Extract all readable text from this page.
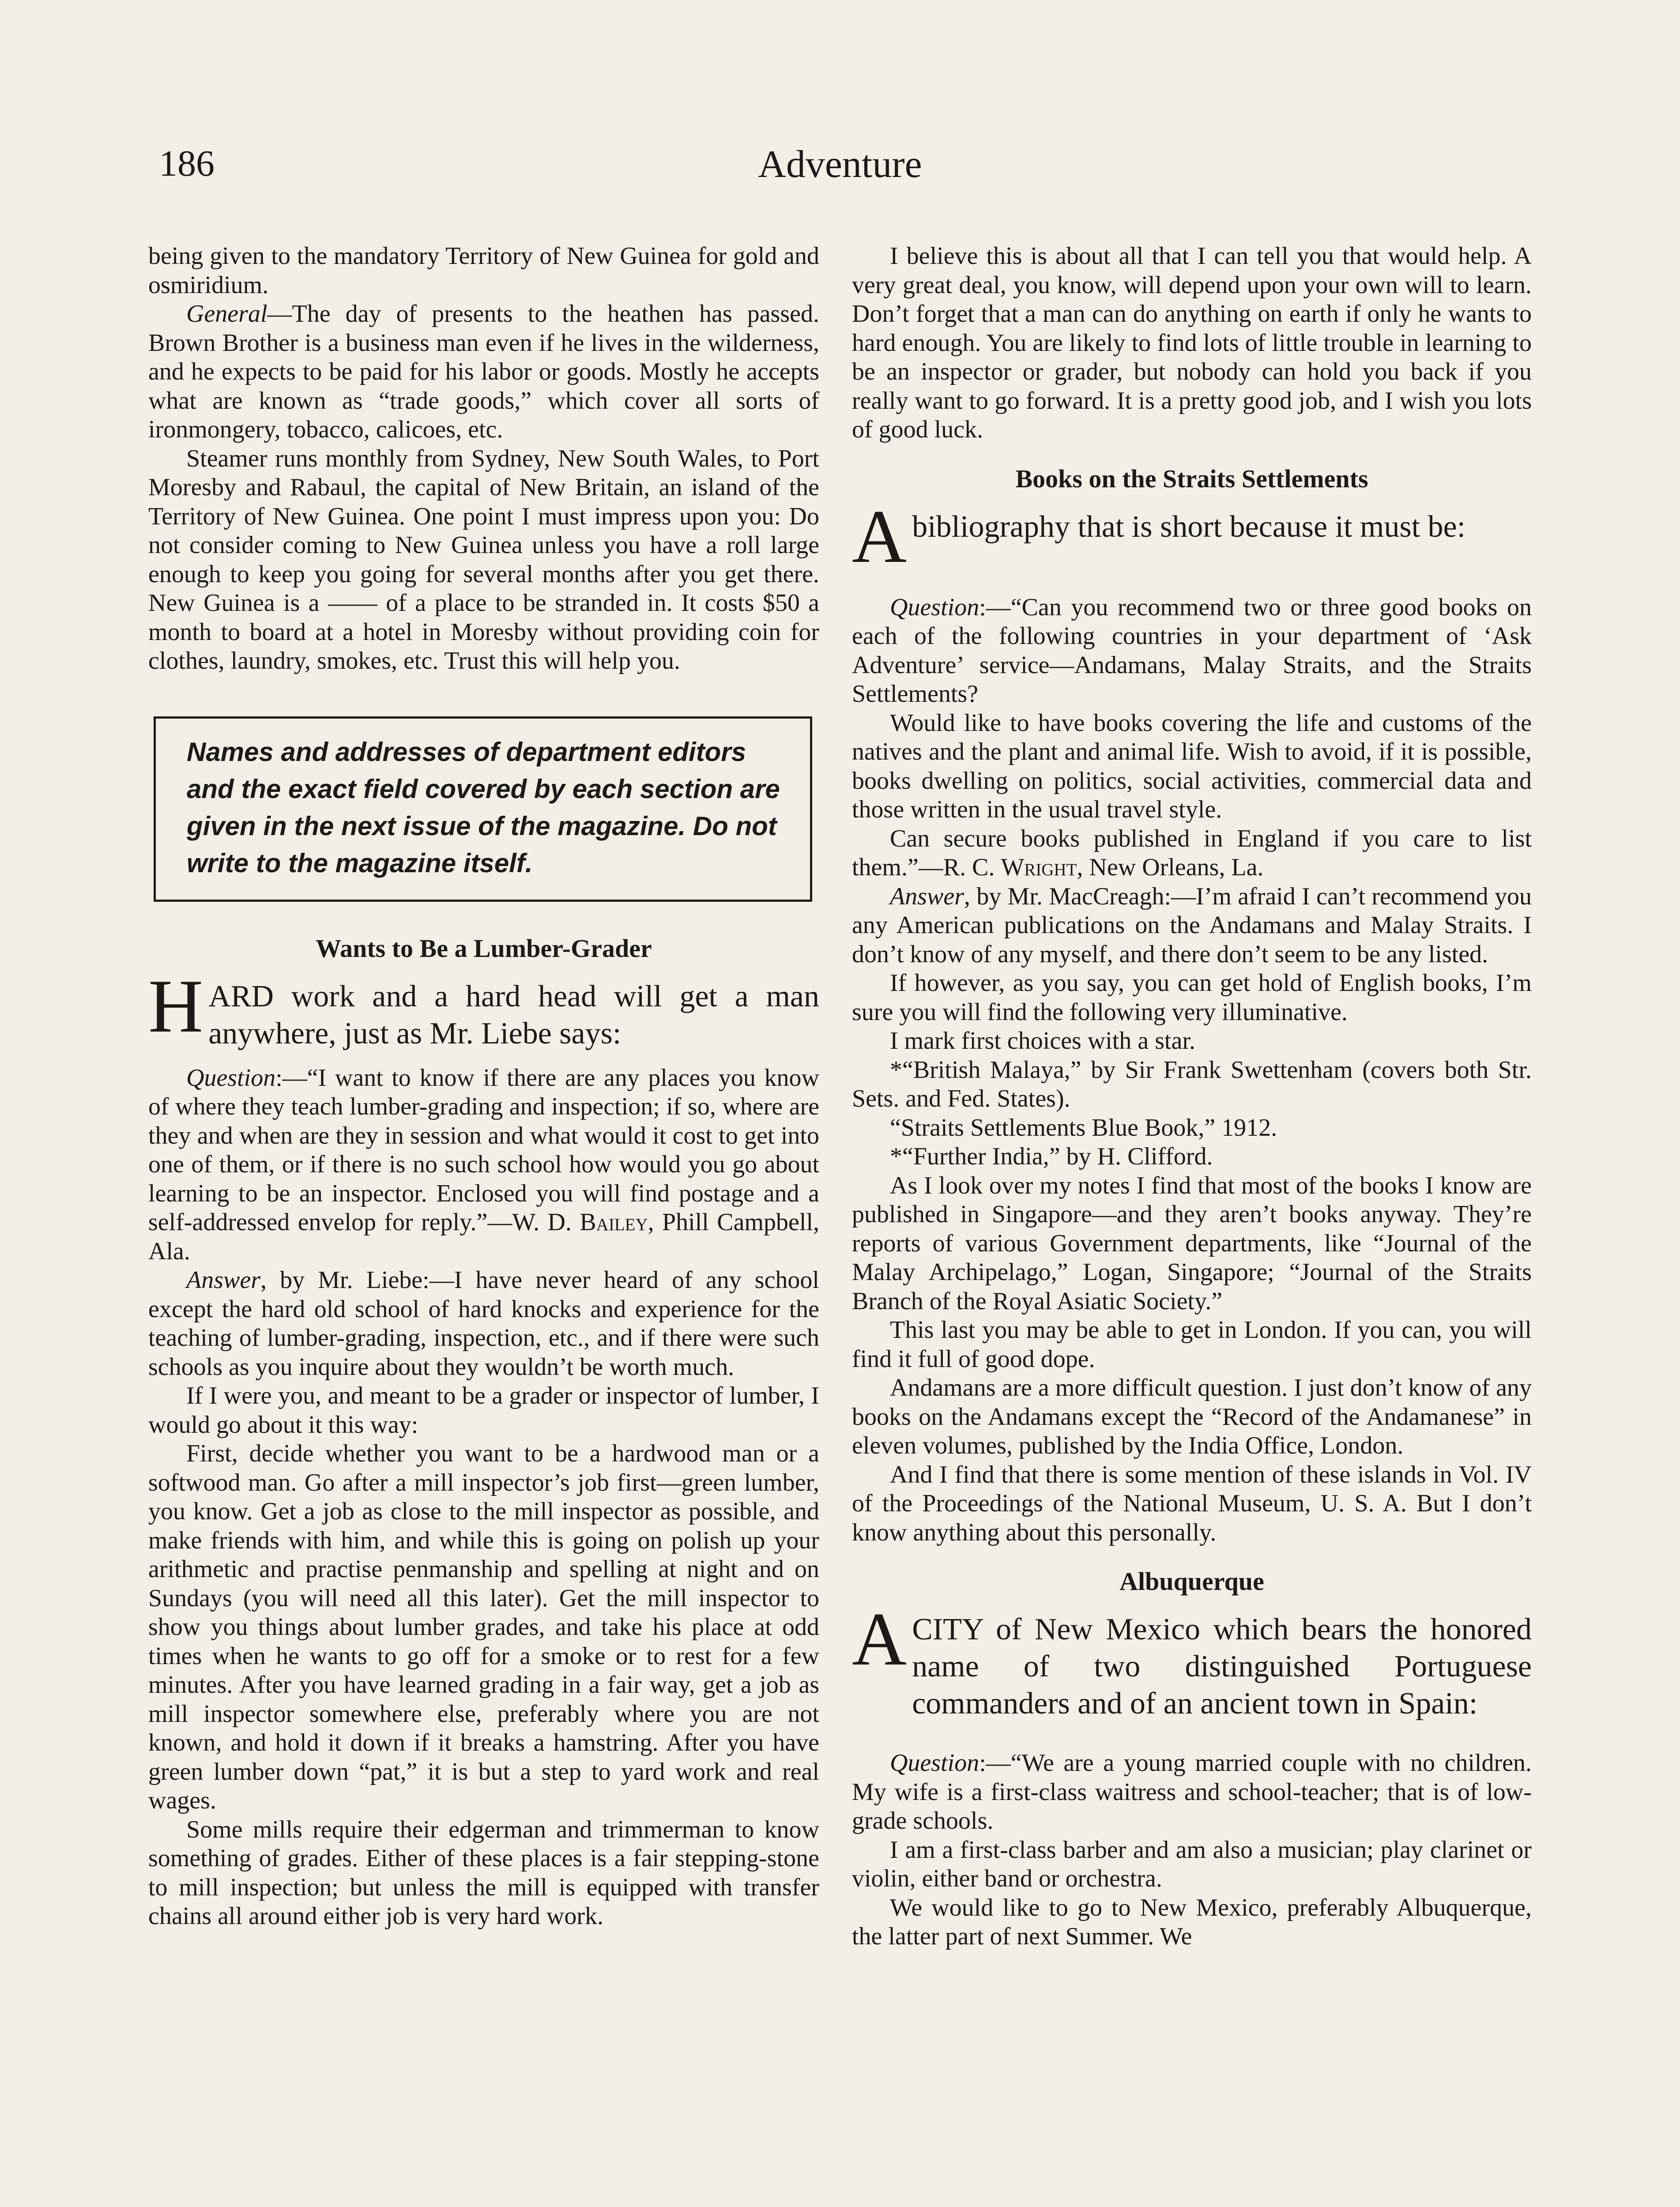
186	Adventure

being given to the mandatory Territory of New Guinea for gold and osmiridium.

General—The day of presents to the heathen has passed. Brown Brother is a business man even if he lives in the wilderness, and he expects to be paid for his labor or goods. Mostly he accepts what are known as “trade goods,” which cover all sorts of ironmongery, tobacco, calicoes, etc.

Steamer runs monthly from Sydney, New South Wales, to Port Moresby and Rabaul, the capital of New Britain, an island of the Territory of New Guinea. One point I must impress upon you: Do not consider coming to New Guinea unless you have a roll large enough to keep you going for several months after you get there. New Guinea is a —— of a place to be stranded in. It costs $50 a month to board at a hotel in Moresby without providing coin for clothes, laundry, smokes, etc. Trust this will help you.

Names and addresses of department editors and the exact field covered by each section are given in the next issue of the magazine. Do not write to the magazine itself.
Wants to Be a Lumber-Grader
H ARD work and a hard head will get a man anywhere, just as Mr. Liebe says:

Question:—“I want to know if there are any places you know of where they teach lumber-grading and inspection; if so, where are they and when are they in session and what would it cost to get into one of them, or if there is no such school how would you go about learning to be an inspector. Enclosed you will find postage and a self-addressed envelop for reply.”—W. D. Bailey, Phill Campbell, Ala.

Answer, by Mr. Liebe:—I have never heard of any school except the hard old school of hard knocks and experience for the teaching of lumber-grading, inspection, etc., and if there were such schools as you inquire about they wouldn’t be worth much.

If I were you, and meant to be a grader or inspector of lumber, I would go about it this way:

First, decide whether you want to be a hardwood man or a softwood man. Go after a mill inspector’s job first—green lumber, you know. Get a job as close to the mill inspector as possible, and make friends with him, and while this is going on polish up your arithmetic and practise penmanship and spelling at night and on Sundays (you will need all this later). Get the mill inspector to show you things about lumber grades, and take his place at odd times when he wants to go off for a smoke or to rest for a few minutes. After you have learned grading in a fair way, get a job as mill inspector somewhere else, preferably where you are not known, and hold it down if it breaks a hamstring. After you have green lumber down “pat,” it is but a step to yard work and real wages.

Some mills require their edgerman and trimmerman to know something of grades. Either of these places is a fair stepping-stone to mill inspection; but unless the mill is equipped with transfer chains all around either job is very hard work.

I believe this is about all that I can tell you that would help. A very great deal, you know, will depend upon your own will to learn. Don’t forget that a man can do anything on earth if only he wants to hard enough. You are likely to find lots of little trouble in learning to be an inspector or grader, but nobody can hold you back if you really want to go forward. It is a pretty good job, and I wish you lots of good luck.

Books on the Straits Settlements
A bibliography that is short because it must be:

Question:—“Can you recommend two or three good books on each of the following countries in your department of ‘Ask Adventure’ service—Andamans, Malay Straits, and the Straits Settlements?

Would like to have books covering the life and customs of the natives and the plant and animal life. Wish to avoid, if it is possible, books dwelling on politics, social activities, commercial data and those written in the usual travel style.

Can secure books published in England if you care to list them.”—R. C. Wright, New Orleans, La.

Answer, by Mr. MacCreagh:—I’m afraid I can’t recommend you any American publications on the Andamans and Malay Straits. I don’t know of any myself, and there don’t seem to be any listed.

If however, as you say, you can get hold of English books, I’m sure you will find the following very illuminative.

I mark first choices with a star.

*“British Malaya,” by Sir Frank Swettenham (covers both Str. Sets. and Fed. States).

“Straits Settlements Blue Book,” 1912.

*“Further India,” by H. Clifford.

As I look over my notes I find that most of the books I know are published in Singapore—and they aren’t books anyway. They’re reports of various Government departments, like “Journal of the Malay Archipelago,” Logan, Singapore; “Journal of the Straits Branch of the Royal Asiatic Society.”

This last you may be able to get in London. If you can, you will find it full of good dope.

Andamans are a more difficult question. I just don’t know of any books on the Andamans except the “Record of the Andamanese” in eleven volumes, published by the India Office, London.

And I find that there is some mention of these islands in Vol. IV of the Proceedings of the National Museum, U. S. A. But I don’t know anything about this personally.

Albuquerque
A CITY of New Mexico which bears the honored name of two distinguished Portuguese commanders and of an ancient town in Spain:

Question:—“We are a young married couple with no children. My wife is a first-class waitress and school-teacher; that is of low-grade schools.

I am a first-class barber and am also a musician; play clarinet or violin, either band or orchestra.

We would like to go to New Mexico, preferably Albuquerque, the latter part of next Summer. We
